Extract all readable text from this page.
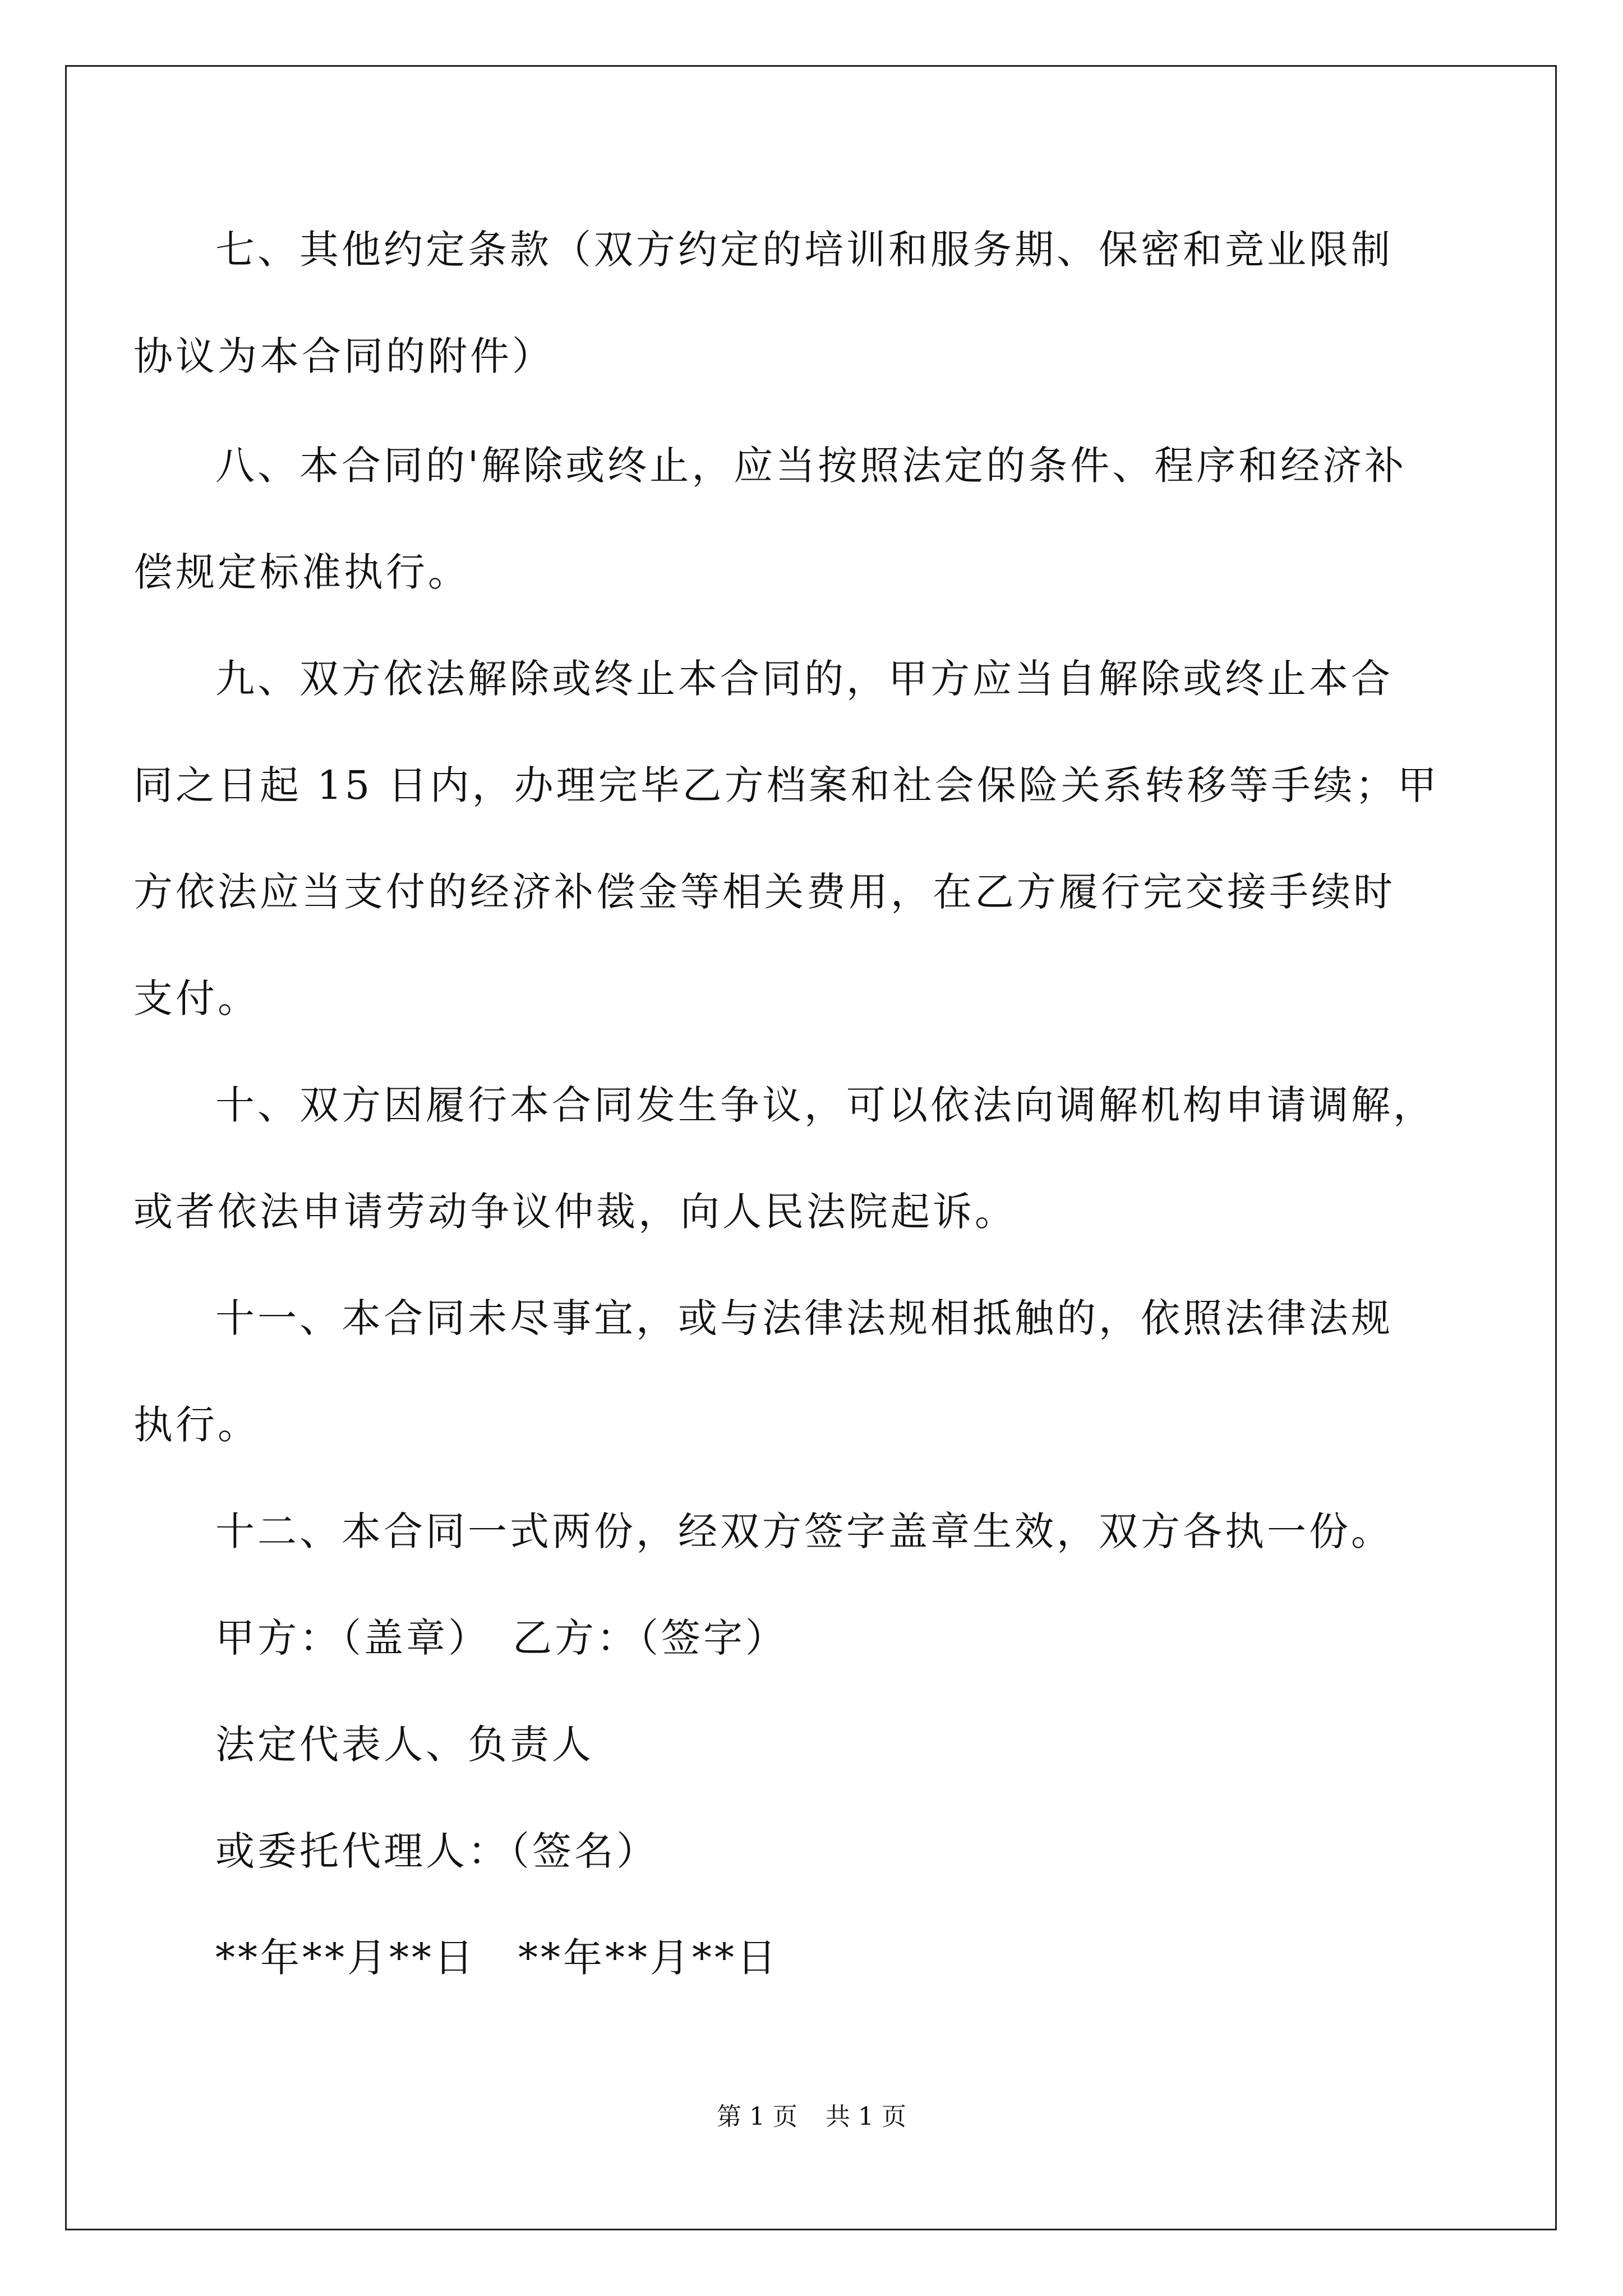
七、其他约定条款（双方约定的培训和服务期、保密和竞业限制
协议为本合同的附件）
八、本合同的'解除或终止，应当按照法定的条件、程序和经济补
偿规定标准执行。
九、双方依法解除或终止本合同的，甲方应当自解除或终止本合
同之日起 15 日内，办理完毕乙方档案和社会保险关系转移等手续；甲
方依法应当支付的经济补偿金等相关费用，在乙方履行完交接手续时
支付。
十、双方因履行本合同发生争议，可以依法向调解机构申请调解，
或者依法申请劳动争议仲裁，向人民法院起诉。
十一、本合同未尽事宜，或与法律法规相抵触的，依照法律法规
执行。
十二、本合同一式两份，经双方签字盖章生效，双方各执一份。
甲方：（盖章）　乙方：（签字）
法定代表人、负责人
或委托代理人：（签名）
**年**月**日　**年**月**日
第 1 页 共 1 页
